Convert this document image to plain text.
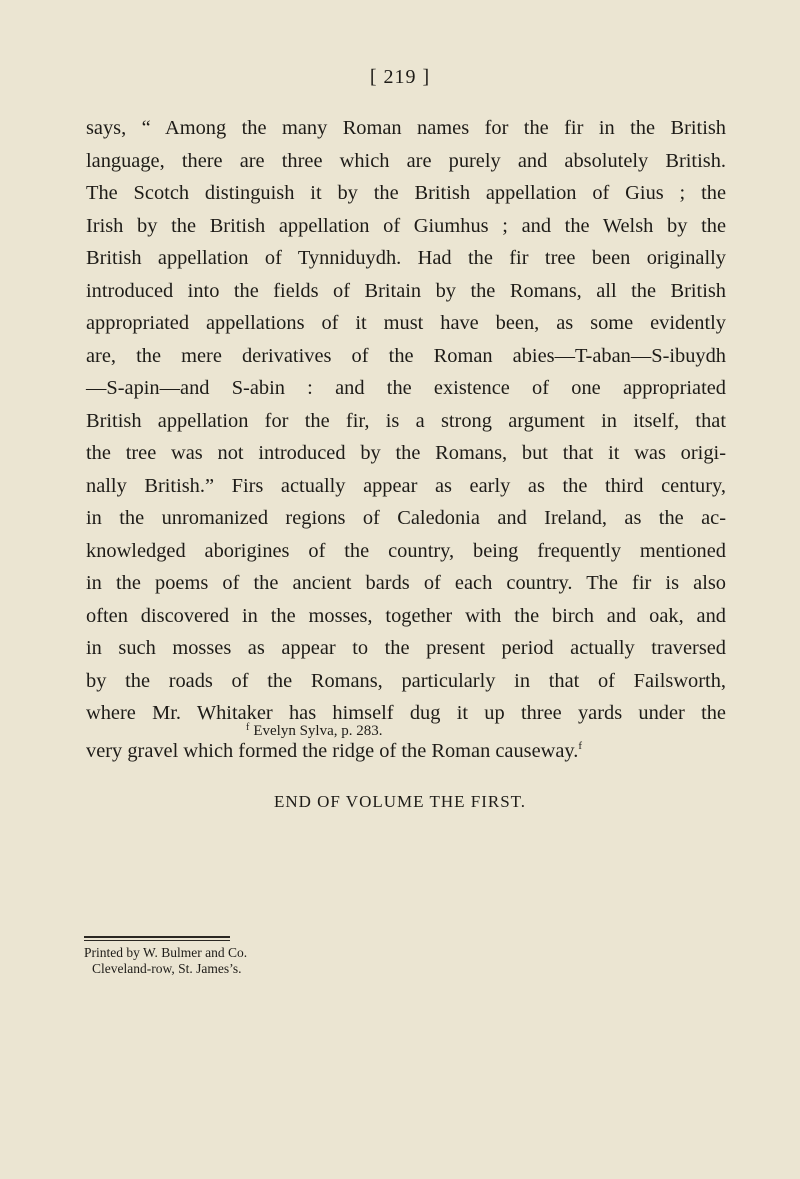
[ 219 ]
says, “ Among the many Roman names for the fir in the British
language, there are three which are purely and absolutely British.
The Scotch distinguish it by the British appellation of Gius ; the
Irish by the British appellation of Giumhus ; and the Welsh by the
British appellation of Tynniduydh. Had the fir tree been originally
introduced into the fields of Britain by the Romans, all the British
appropriated appellations of it must have been, as some evidently
are, the mere derivatives of the Roman abies—T-aban—S-ibuydh
—S-apin—and S-abin : and the existence of one appropriated
British appellation for the fir, is a strong argument in itself, that
the tree was not introduced by the Romans, but that it was origi-
nally British.” Firs actually appear as early as the third century,
in the unromanized regions of Caledonia and Ireland, as the ac-
knowledged aborigines of the country, being frequently mentioned
in the poems of the ancient bards of each country. The fir is also
often discovered in the mosses, together with the birch and oak, and
in such mosses as appear to the present period actually traversed
by the roads of the Romans, particularly in that of Failsworth,
where Mr. Whitaker has himself dug it up three yards under the
very gravel which formed the ridge of the Roman causeway.$^f$
$^f$ Evelyn Sylva, p. 283.
END OF VOLUME THE FIRST.
Printed by W. Bulmer and Co.
Cleveland-row, St. James’s.
